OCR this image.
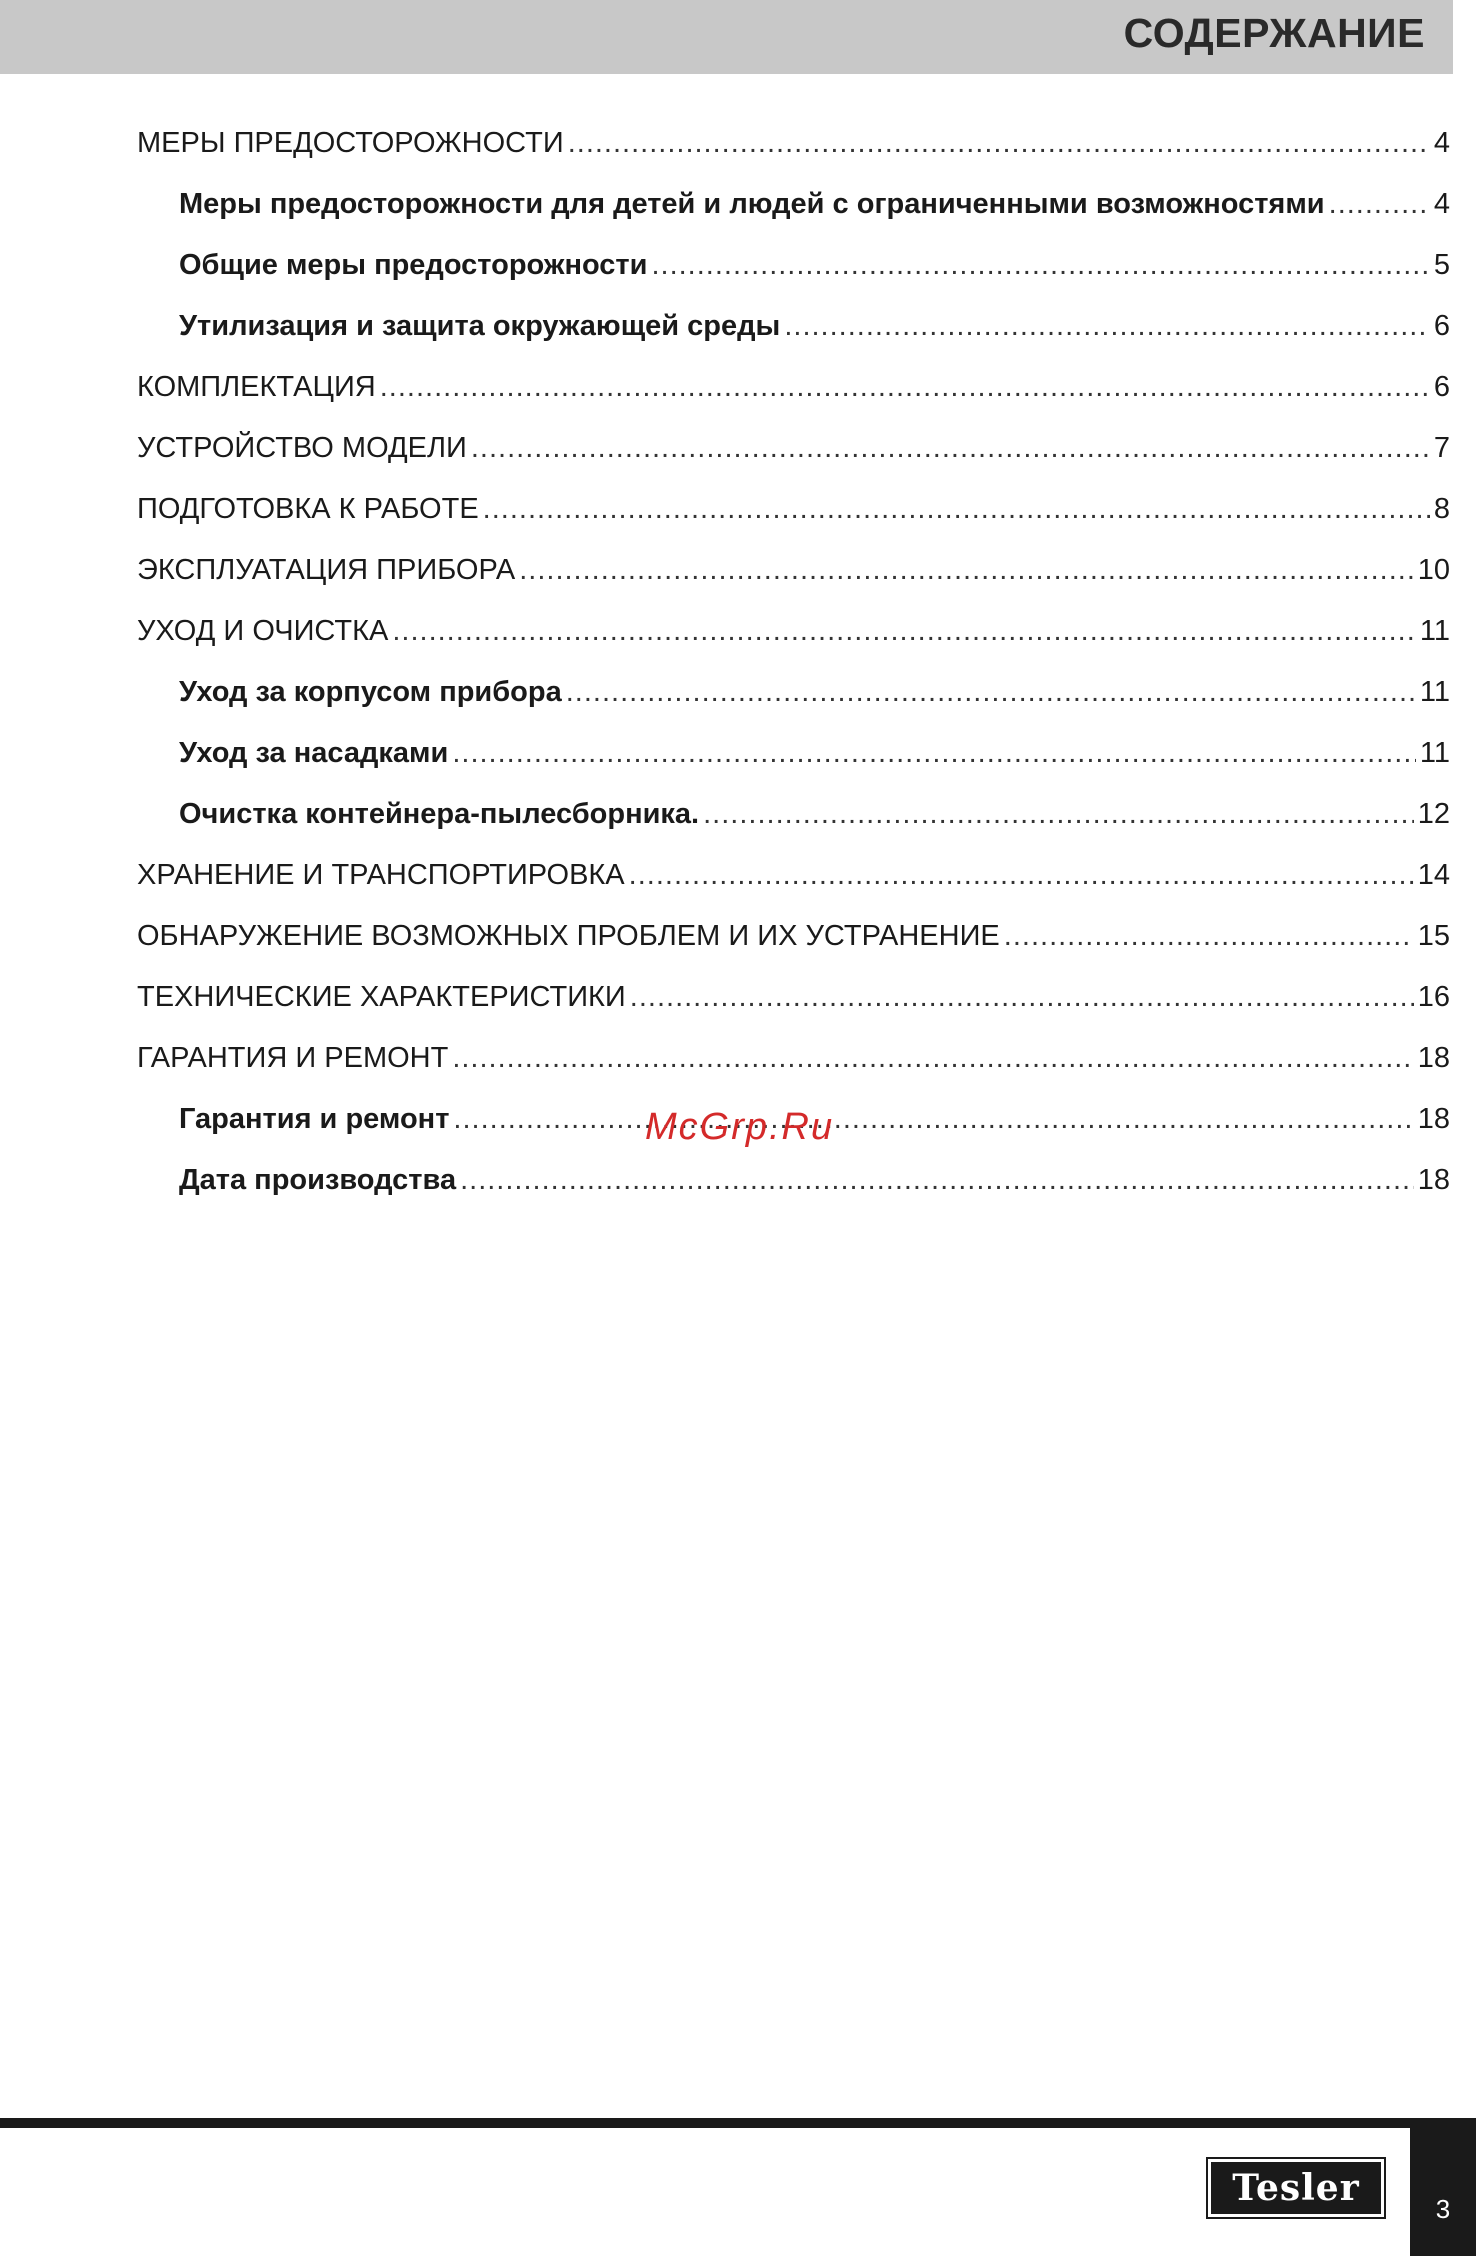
СОДЕРЖАНИЕ
МЕРЫ ПРЕДОСТОРОЖНОСТИ .....	4
Меры предосторожности для детей и людей с ограниченными возможностями .....	4
Общие меры предосторожности .....	5
Утилизация и защита окружающей среды .....	6
КОМПЛЕКТАЦИЯ .....	6
УСТРОЙСТВО МОДЕЛИ .....	7
ПОДГОТОВКА К РАБОТЕ .....	8
ЭКСПЛУАТАЦИЯ ПРИБОРА .....	10
УХОД И ОЧИСТКА .....	11
Уход за корпусом прибора .....	11
Уход за насадками .....	11
Очистка контейнера-пылесборника. .....	12
ХРАНЕНИЕ И ТРАНСПОРТИРОВКА .....	14
ОБНАРУЖЕНИЕ ВОЗМОЖНЫХ ПРОБЛЕМ И ИХ УСТРАНЕНИЕ .....	15
ТЕХНИЧЕСКИЕ ХАРАКТЕРИСТИКИ .....	16
ГАРАНТИЯ И РЕМОНТ .....	18
Гарантия и ремонт .....	18
Дата производства .....	18
McGrp.Ru
Tesler	3
